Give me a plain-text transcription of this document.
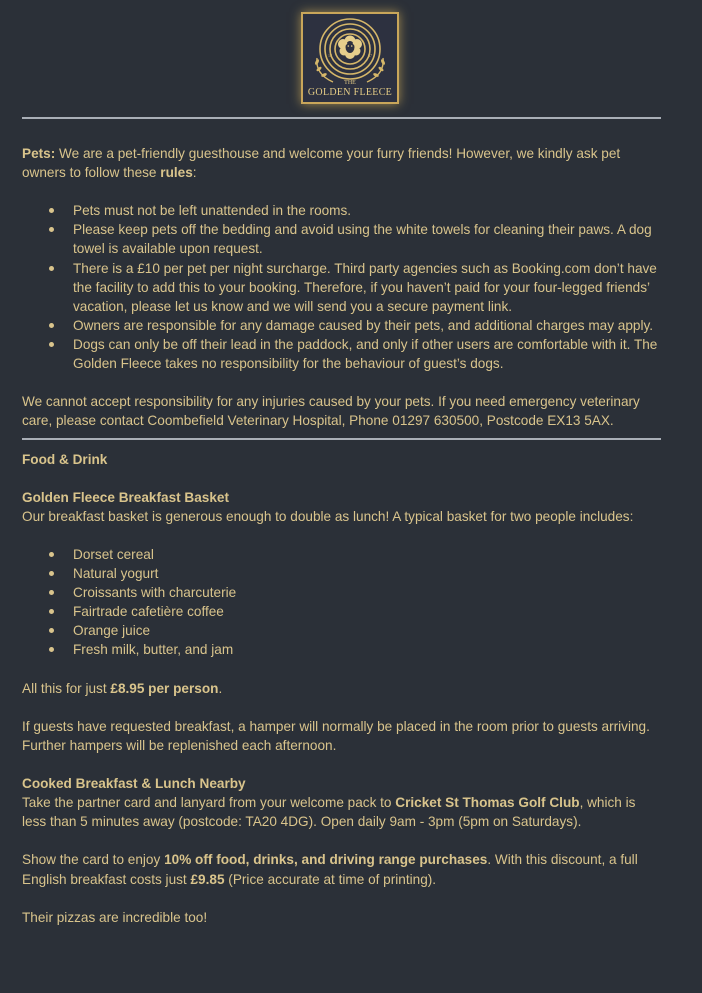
18	67
THE
GOLDEN FLEECE

Pets: We are a pet-friendly guesthouse and welcome your furry friends! However, we kindly ask pet owners to follow these rules:

Pets must not be left unattended in the rooms.
Please keep pets off the bedding and avoid using the white towels for cleaning their paws. A dog towel is available upon request.
There is a £10 per pet per night surcharge. Third party agencies such as Booking.com don’t have the facility to add this to your booking. Therefore, if you haven’t paid for your four-legged friends’ vacation, please let us know and we will send you a secure payment link.
Owners are responsible for any damage caused by their pets, and additional charges may apply.
Dogs can only be off their lead in the paddock, and only if other users are comfortable with it. The Golden Fleece takes no responsibility for the behaviour of guest’s dogs.

We cannot accept responsibility for any injuries caused by your pets. If you need emergency veterinary care, please contact Coombefield Veterinary Hospital, Phone 01297 630500, Postcode EX13 5AX.

Food & Drink

Golden Fleece Breakfast Basket

Our breakfast basket is generous enough to double as lunch! A typical basket for two people includes:

Dorset cereal
Natural yogurt
Croissants with charcuterie
Fairtrade cafetière coffee
Orange juice
Fresh milk, butter, and jam

All this for just £8.95 per person.

If guests have requested breakfast, a hamper will normally be placed in the room prior to guests arriving. Further hampers will be replenished each afternoon.

Cooked Breakfast & Lunch Nearby

Take the partner card and lanyard from your welcome pack to Cricket St Thomas Golf Club, which is less than 5 minutes away (postcode: TA20 4DG). Open daily 9am - 3pm (5pm on Saturdays).

Show the card to enjoy 10% off food, drinks, and driving range purchases. With this discount, a full English breakfast costs just £9.85 (Price accurate at time of printing).

Their pizzas are incredible too!
